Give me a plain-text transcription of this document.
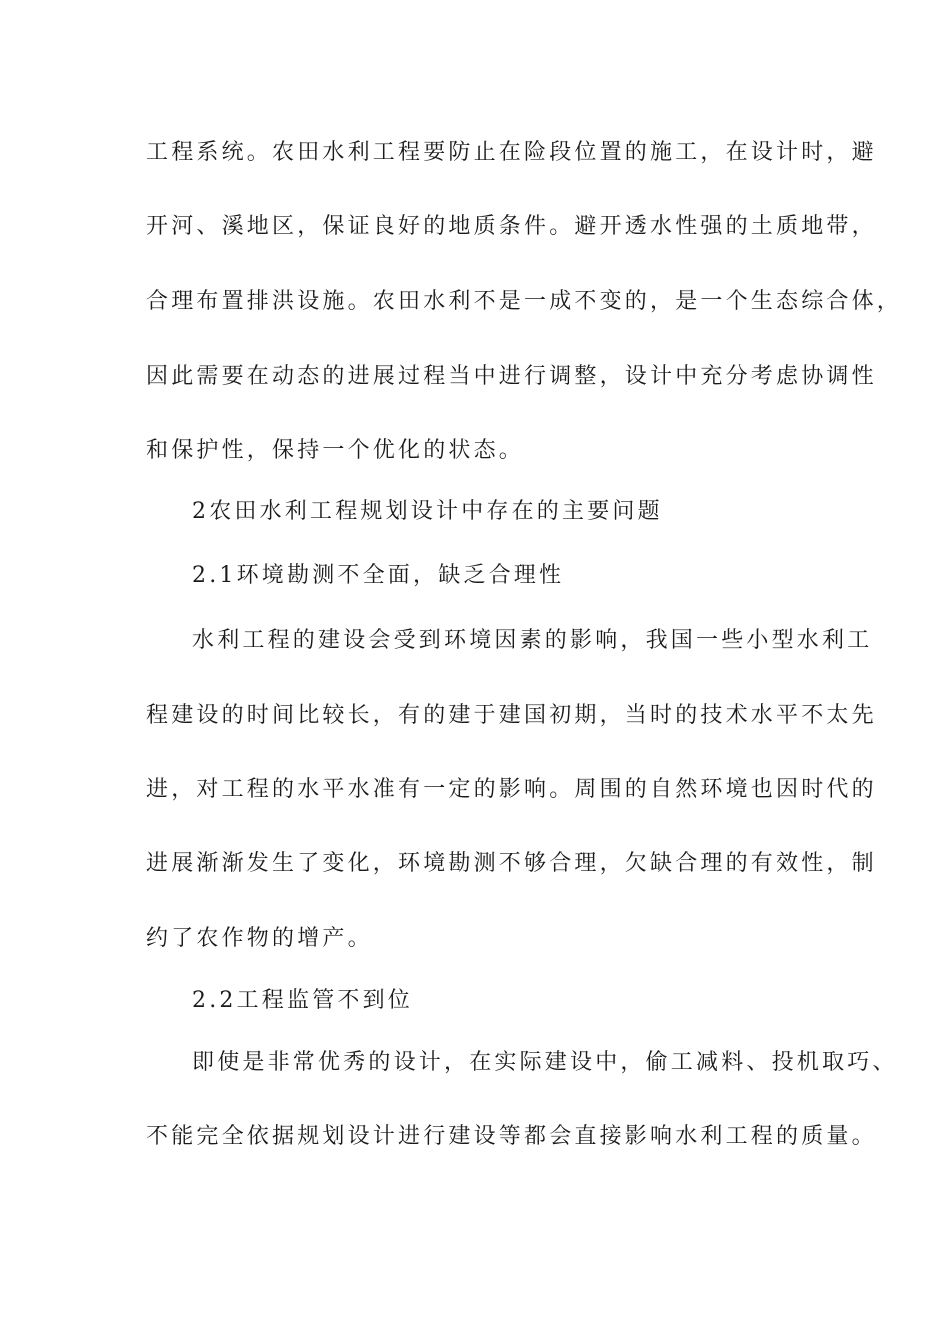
工程系统。农田水利工程要防止在险段位置的施工，在设计时，避
开河、溪地区，保证良好的地质条件。避开透水性强的土质地带，
合理布置排洪设施。农田水利不是一成不变的，是一个生态综合体，
因此需要在动态的进展过程当中进行调整，设计中充分考虑协调性
和保护性，保持一个优化的状态。
2农田水利工程规划设计中存在的主要问题
2.1环境勘测不全面，缺乏合理性
水利工程的建设会受到环境因素的影响，我国一些小型水利工
程建设的时间比较长，有的建于建国初期，当时的技术水平不太先
进，对工程的水平水准有一定的影响。周围的自然环境也因时代的
进展渐渐发生了变化，环境勘测不够合理，欠缺合理的有效性，制
约了农作物的增产。
2.2工程监管不到位
即使是非常优秀的设计，在实际建设中，偷工减料、投机取巧、
不能完全依据规划设计进行建设等都会直接影响水利工程的质量。
